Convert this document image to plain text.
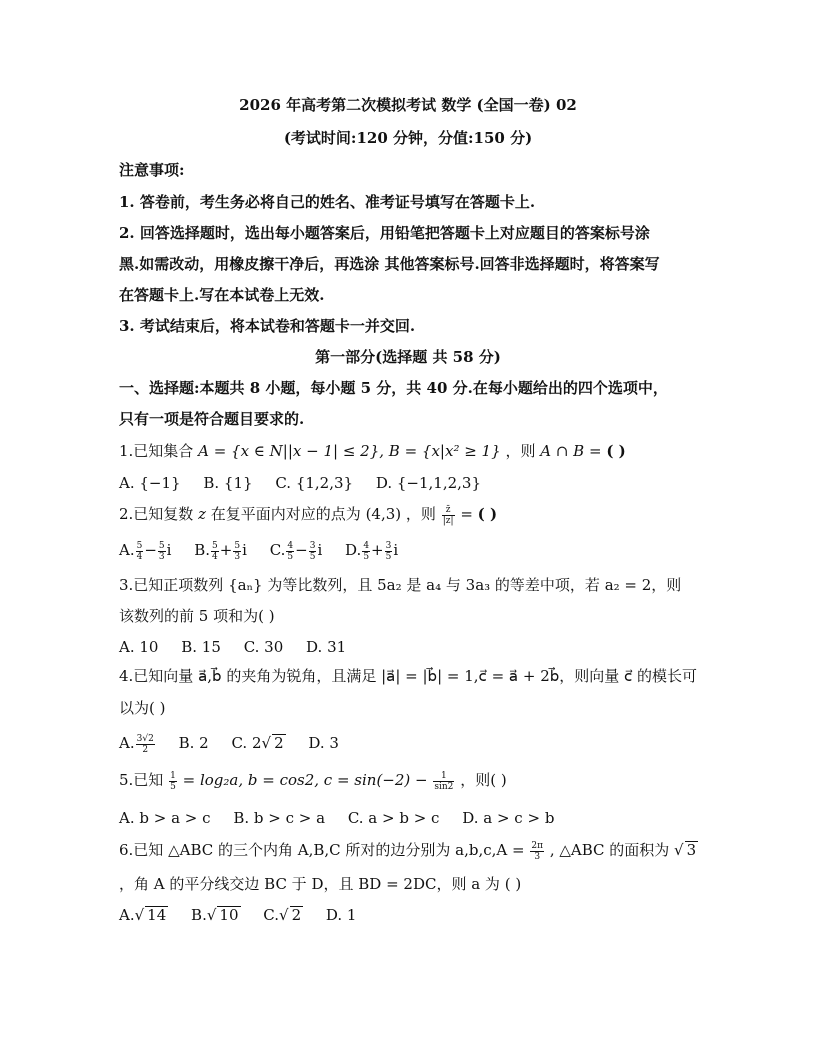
2026 年高考第二次模拟考试 数学 (全国一卷) 02
(考试时间:120 分钟，分值:150 分)
注意事项:
1. 答卷前，考生务必将自己的姓名、准考证号填写在答题卡上.
2. 回答选择题时，选出每小题答案后，用铅笔把答题卡上对应题目的答案标号涂
黑.如需改动，用橡皮擦干净后，再选涂 其他答案标号.回答非选择题时，将答案写
在答题卡上.写在本试卷上无效.
3. 考试结束后，将本试卷和答题卡一并交回.
第一部分(选择题 共 58 分)
一、选择题:本题共 8 小题，每小题 5 分，共 40 分.在每小题给出的四个选项中，
只有一项是符合题目要求的.
1.已知集合 A = {x ∈ N||x − 1| ≤ 2}, B = {x|x² ≥ 1} ，则 A ∩ B = ( )
A. {−1} B. {1} C. {1,2,3} D. {−1,1,2,3}
2.已知复数 z 在复平面内对应的点为 (4,3) ，则 $\frac{z̄}{|z|}$ = ( )
A. $\frac{5}{4} - \frac{5}{3}$ i B. $\frac{5}{4} + \frac{5}{3}$ i C. $\frac{4}{5} - \frac{3}{5}$ i D. $\frac{4}{5} + \frac{3}{5}$ i
3.已知正项数列 {aₙ} 为等比数列，且 5a₂ 是 a₄ 与 3a₃ 的等差中项，若 a₂ = 2，则
该数列的前 5 项和为( )
A. 10 B. 15 C. 30 D. 31
4.已知向量 a⃗,b⃗ 的夹角为锐角，且满足 |a⃗| = |b⃗| = 1,c⃗ = a⃗ + 2b⃗，则向量 c⃗ 的模长可
以为( )
A. $\frac{3√2}{2} B$. 2 C. 2√ 2 D. 3
5.已知 $\frac{1}{5} = \log_2a$, b = cos2, $c = \sin(-2) - \frac{1}{\sin 2}$ ，则( )
A. b > a > c B. b > c > a C. a > b > c D. a > c > b
6.已知 △ABC 的三个内角 A,B,C 所对的边分别为 $a,b,c,A = \frac{2\pi}{3}$ , △ABC 的面积为 √ 3
，角 A 的平分线交边 BC 于 D，且 BD = 2DC，则 a 为 ( )
A.√ 14 B.√ 10 C.√ 2 D. 1
